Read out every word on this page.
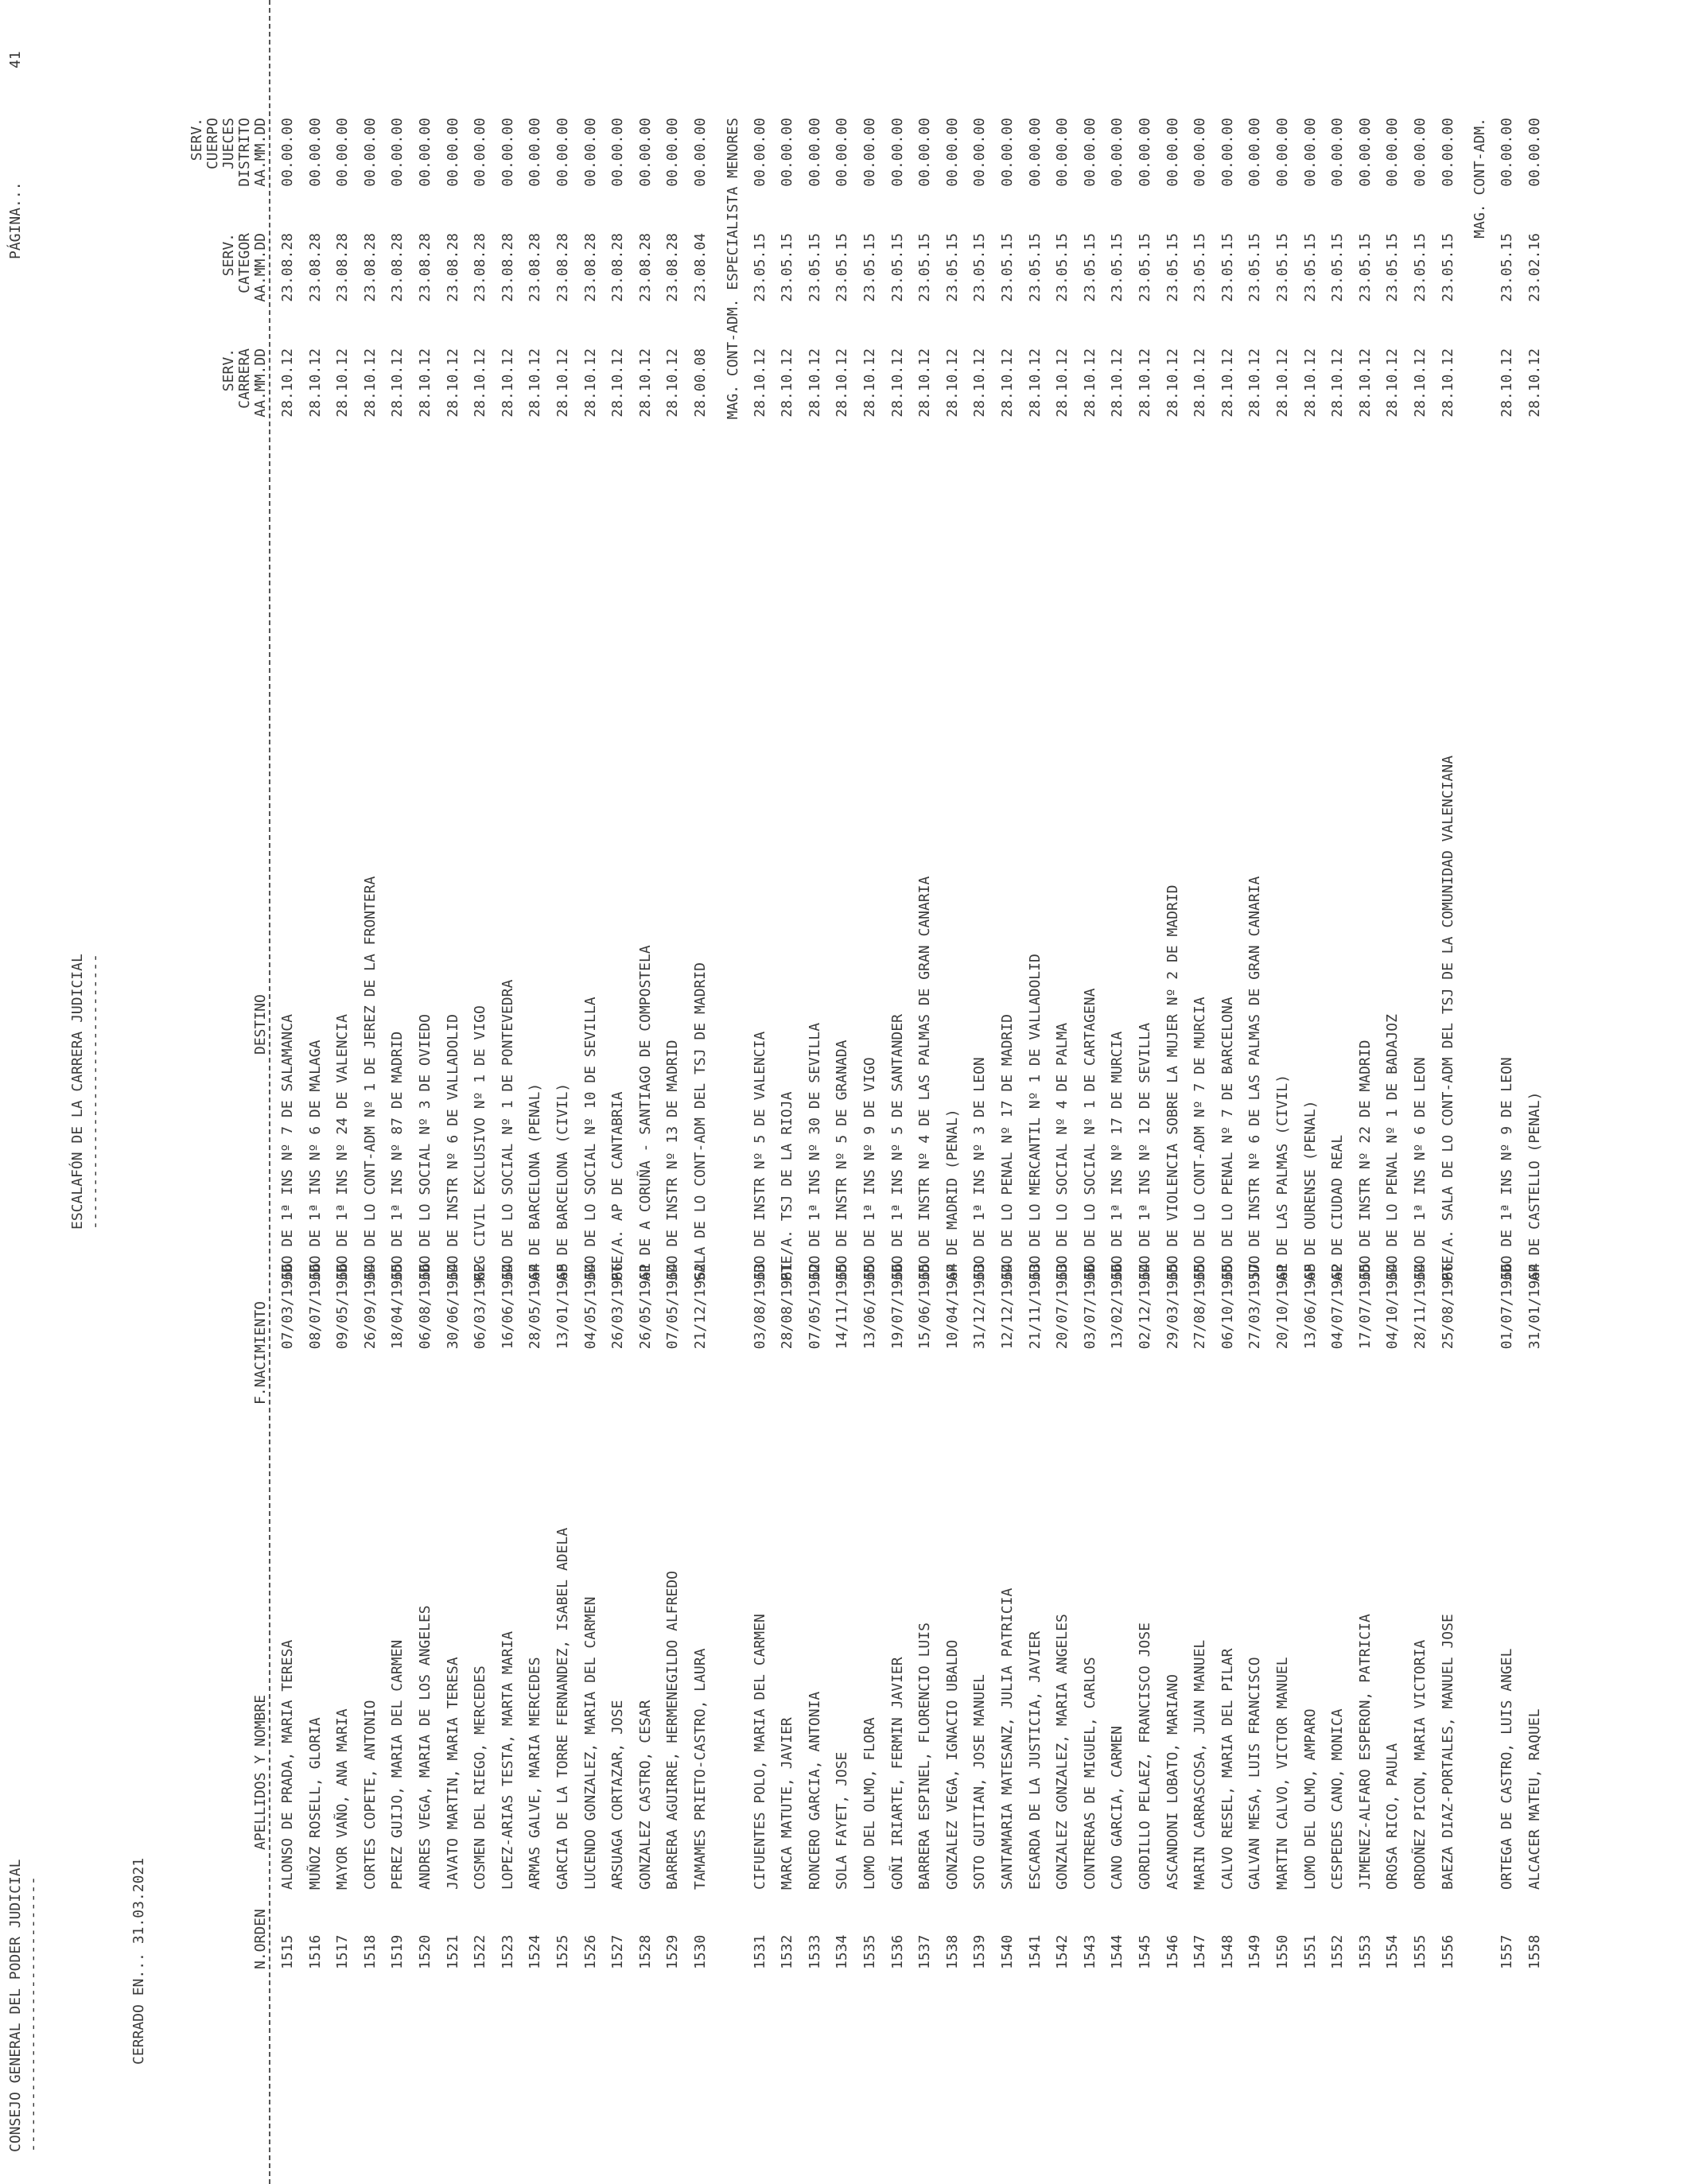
CONSEJO GENERAL DEL PODER JUDICIAL --------------------------------
ESCALAFÓN DE LA CARRERA JUDICIAL --------------------------------
PÁGINA...
41
CERRADO EN... 31.03.2021	N.ORDEN
APELLIDOS Y NOMBRE
F.NACIMIENTO
DESTINO
SERV. CARRERA AA.MM.DD
SERV. CATEGOR AA.MM.DD
SERV. CUERPO JUECES DISTRITO AA.MM.DD
1515
ALONSO DE PRADA, MARIA TERESA
07/03/1966
JDO DE 1ª INS Nº 7 DE SALAMANCA
28.10.12
23.08.28
00.00.00
1516
MUÑOZ ROSELL, GLORIA
08/07/1966
JDO DE 1ª INS Nº 6 DE MALAGA
28.10.12
23.08.28
00.00.00
1517
MAYOR VAÑO, ANA MARIA
09/05/1966
JDO DE 1ª INS Nº 24 DE VALENCIA
28.10.12
23.08.28
00.00.00
1518
CORTES COPETE, ANTONIO
26/09/1964
JDO DE LO CONT-ADM Nº 1 DE JEREZ DE LA FRONTERA
28.10.12
23.08.28
00.00.00
1519
PEREZ GUIJO, MARIA DEL CARMEN
18/04/1965
JDO DE 1ª INS Nº 87 DE MADRID
28.10.12
23.08.28
00.00.00
1520
ANDRES VEGA, MARIA DE LOS ANGELES
06/08/1966
JDO DE LO SOCIAL Nº 3 DE OVIEDO
28.10.12
23.08.28
00.00.00
1521
JAVATO MARTIN, MARIA TERESA
30/06/1964
JDO DE INSTR Nº 6 DE VALLADOLID
28.10.12
23.08.28
00.00.00
1522
COSMEN DEL RIEGO, MERCEDES
06/03/1962
REG CIVIL EXCLUSIVO Nº 1 DE VIGO
28.10.12
23.08.28
00.00.00
1523
LOPEZ-ARIAS TESTA, MARTA MARIA
16/06/1964
JDO DE LO SOCIAL Nº 1 DE PONTEVEDRA
28.10.12
23.08.28
00.00.00
1524
ARMAS GALVE, MARIA MERCEDES
28/05/1964
AP DE BARCELONA (PENAL)
28.10.12
23.08.28
00.00.00
1525
GARCIA DE LA TORRE FERNANDEZ, ISABEL ADELA
13/01/1965
AP DE BARCELONA (CIVIL)
28.10.12
23.08.28
00.00.00
1526
LUCENDO GONZALEZ, MARIA DEL CARMEN
04/05/1964
JDO DE LO SOCIAL Nº 10 DE SEVILLA
28.10.12
23.08.28
00.00.00
1527
ARSUAGA CORTAZAR, JOSE
26/03/1966
PTE/A. AP DE CANTABRIA
28.10.12
23.08.28
00.00.00
1528
GONZALEZ CASTRO, CESAR
26/05/1961
AP DE A CORUÑA - SANTIAGO DE COMPOSTELA
28.10.12
23.08.28
00.00.00
1529
BARRERA AGUIRRE, HERMENEGILDO ALFREDO
07/05/1964
JDO DE INSTR Nº 13 DE MADRID
28.10.12
23.08.28
00.00.00
1530
TAMAMES PRIETO-CASTRO, LAURA
21/12/1962
SALA DE LO CONT-ADM DEL TSJ DE MADRID
28.00.08
23.08.04
00.00.00 MAG. CONT-ADM. ESPECIALISTA MENORES
1531
CIFUENTES POLO, MARIA DEL CARMEN
03/08/1963
JDO DE INSTR Nº 5 DE VALENCIA
28.10.12
23.05.15
00.00.00
1532
MARCA MATUTE, JAVIER
28/08/1961
PTE/A. TSJ DE LA RIOJA
28.10.12
23.05.15
00.00.00
1533
RONCERO GARCIA, ANTONIA
07/05/1962
JDO DE 1ª INS Nº 30 DE SEVILLA
28.10.12
23.05.15
00.00.00
1534
SOLA FAYET, JOSE
14/11/1965
JDO DE INSTR Nº 5 DE GRANADA
28.10.12
23.05.15
00.00.00
1535
LOMO DEL OLMO, FLORA
13/06/1965
JDO DE 1ª INS Nº 9 DE VIGO
28.10.12
23.05.15
00.00.00
1536
GOÑI IRIARTE, FERMIN JAVIER
19/07/1966
JDO DE 1ª INS Nº 5 DE SANTANDER
28.10.12
23.05.15
00.00.00
1537
BARRERA ESPINEL, FLORENCIO LUIS
15/06/1965
JDO DE INSTR Nº 4 DE LAS PALMAS DE GRAN CANARIA
28.10.12
23.05.15
00.00.00
1538
GONZALEZ VEGA, IGNACIO UBALDO
10/04/1964
AP DE MADRID (PENAL)
28.10.12
23.05.15
00.00.00
1539
SOTO GUITIAN, JOSE MANUEL
31/12/1963
JDO DE 1ª INS Nº 3 DE LEON
28.10.12
23.05.15
00.00.00
1540
SANTAMARIA MATESANZ, JULIA PATRICIA
12/12/1964
JDO DE LO PENAL Nº 17 DE MADRID
28.10.12
23.05.15
00.00.00
1541
ESCARDA DE LA JUSTICIA, JAVIER
21/11/1963
JDO DE LO MERCANTIL Nº 1 DE VALLADOLID
28.10.12
23.05.15
00.00.00
1542
GONZALEZ GONZALEZ, MARIA ANGELES
20/07/1963
JDO DE LO SOCIAL Nº 4 DE PALMA
28.10.12
23.05.15
00.00.00
1543
CONTRERAS DE MIGUEL, CARLOS
03/07/1966
JDO DE LO SOCIAL Nº 1 DE CARTAGENA
28.10.12
23.05.15
00.00.00
1544
CANO GARCIA, CARMEN
13/02/1966
JDO DE 1ª INS Nº 17 DE MURCIA
28.10.12
23.05.15
00.00.00
1545
GORDILLO PELAEZ, FRANCISCO JOSE
02/12/1964
JDO DE 1ª INS Nº 12 DE SEVILLA
28.10.12
23.05.15
00.00.00
1546
ASCANDONI LOBATO, MARIANO
29/03/1965
JDO DE VIOLENCIA SOBRE LA MUJER Nº 2 DE MADRID
28.10.12
23.05.15
00.00.00
1547
MARIN CARRASCOSA, JUAN MANUEL
27/08/1965
JDO DE LO CONT-ADM Nº 7 DE MURCIA
28.10.12
23.05.15
00.00.00
1548
CALVO RESEL, MARIA DEL PILAR
06/10/1965
JDO DE LO PENAL Nº 7 DE BARCELONA
28.10.12
23.05.15
00.00.00
1549
GALVAN MESA, LUIS FRANCISCO
27/03/1957
JDO DE INSTR Nº 6 DE LAS PALMAS DE GRAN CANARIA
28.10.12
23.05.15
00.00.00
1550
MARTIN CALVO, VICTOR MANUEL
20/10/1961
AP DE LAS PALMAS (CIVIL)
28.10.12
23.05.15
00.00.00
1551
LOMO DEL OLMO, AMPARO
13/06/1965
AP DE OURENSE (PENAL)
28.10.12
23.05.15
00.00.00
1552
CESPEDES CANO, MONICA
04/07/1962
AP DE CIUDAD REAL
28.10.12
23.05.15
00.00.00
1553
JIMENEZ-ALFARO ESPERON, PATRICIA
17/07/1965
JDO DE INSTR Nº 22 DE MADRID
28.10.12
23.05.15
00.00.00
1554
OROSA RICO, PAULA
04/10/1964
JDO DE LO PENAL Nº 1 DE BADAJOZ
28.10.12
23.05.15
00.00.00
1555
ORDOÑEZ PICON, MARIA VICTORIA
28/11/1964
JDO DE 1ª INS Nº 6 DE LEON
28.10.12
23.05.15
00.00.00
1556
BAEZA DIAZ-PORTALES, MANUEL JOSE
25/08/1966
PTE/A. SALA DE LO CONT-ADM DEL TSJ DE LA COMUNIDAD VALENCIANA
28.10.12
23.05.15
00.00.00 MAG. CONT-ADM.
1557
ORTEGA DE CASTRO, LUIS ANGEL
01/07/1966
JDO DE 1ª INS Nº 9 DE LEON
28.10.12
23.05.15
00.00.00
1558
ALCACER MATEU, RAQUEL
31/01/1964
AP DE CASTELLO (PENAL)
28.10.12
23.02.16
00.00.00
